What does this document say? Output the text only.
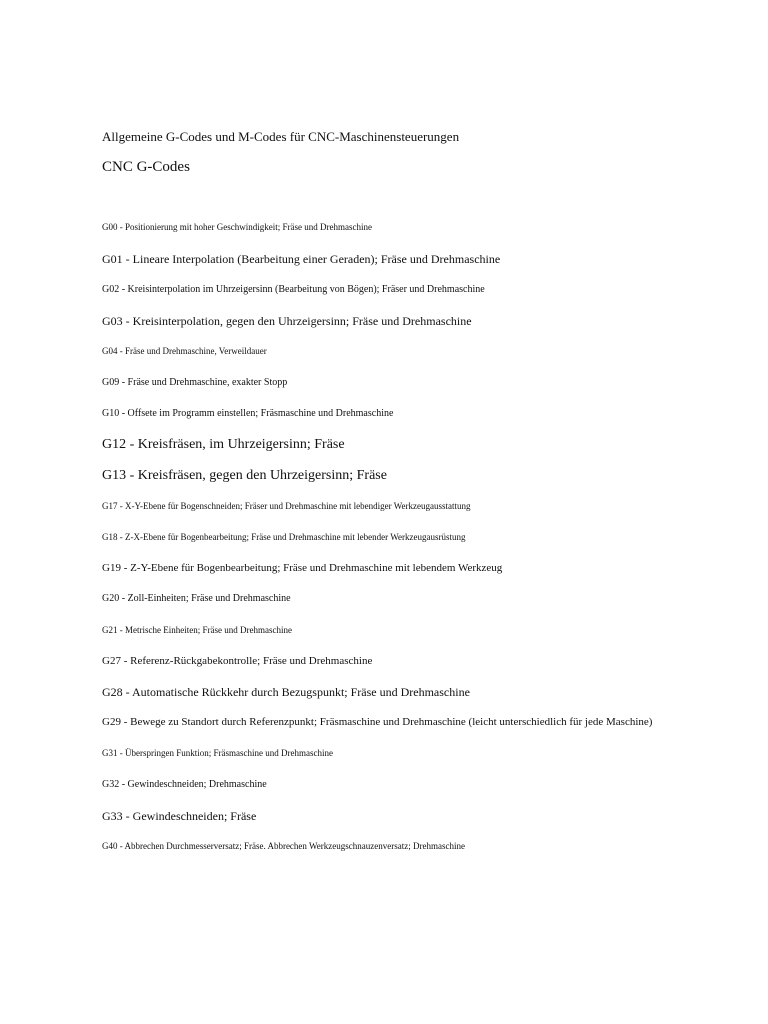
Allgemeine G-Codes und M-Codes für CNC-Maschinensteuerungen
CNC G-Codes
G00 - Positionierung mit hoher Geschwindigkeit; Fräse und Drehmaschine
G01 - Lineare Interpolation (Bearbeitung einer Geraden); Fräse und Drehmaschine
G02 - Kreisinterpolation im Uhrzeigersinn (Bearbeitung von Bögen); Fräser und Drehmaschine
G03 - Kreisinterpolation, gegen den Uhrzeigersinn; Fräse und Drehmaschine
G04 - Fräse und Drehmaschine, Verweildauer
G09 - Fräse und Drehmaschine, exakter Stopp
G10 - Offsete im Programm einstellen; Fräsmaschine und Drehmaschine
G12 - Kreisfräsen, im Uhrzeigersinn; Fräse
G13 - Kreisfräsen, gegen den Uhrzeigersinn; Fräse
G17 - X-Y-Ebene für Bogenschneiden; Fräser und Drehmaschine mit lebendiger Werkzeugausstattung
G18 - Z-X-Ebene für Bogenbearbeitung; Fräse und Drehmaschine mit lebender Werkzeugausrüstung
G19 - Z-Y-Ebene für Bogenbearbeitung; Fräse und Drehmaschine mit lebendem Werkzeug
G20 - Zoll-Einheiten; Fräse und Drehmaschine
G21 - Metrische Einheiten; Fräse und Drehmaschine
G27 - Referenz-Rückgabekontrolle; Fräse und Drehmaschine
G28 - Automatische Rückkehr durch Bezugspunkt; Fräse und Drehmaschine
G29 - Bewege zu Standort durch Referenzpunkt; Fräsmaschine und Drehmaschine (leicht unterschiedlich für jede Maschine)
G31 - Überspringen Funktion; Fräsmaschine und Drehmaschine
G32 - Gewindeschneiden; Drehmaschine
G33 - Gewindeschneiden; Fräse
G40 - Abbrechen Durchmesserversatz; Fräse. Abbrechen Werkzeugschnauzenversatz; Drehmaschine
